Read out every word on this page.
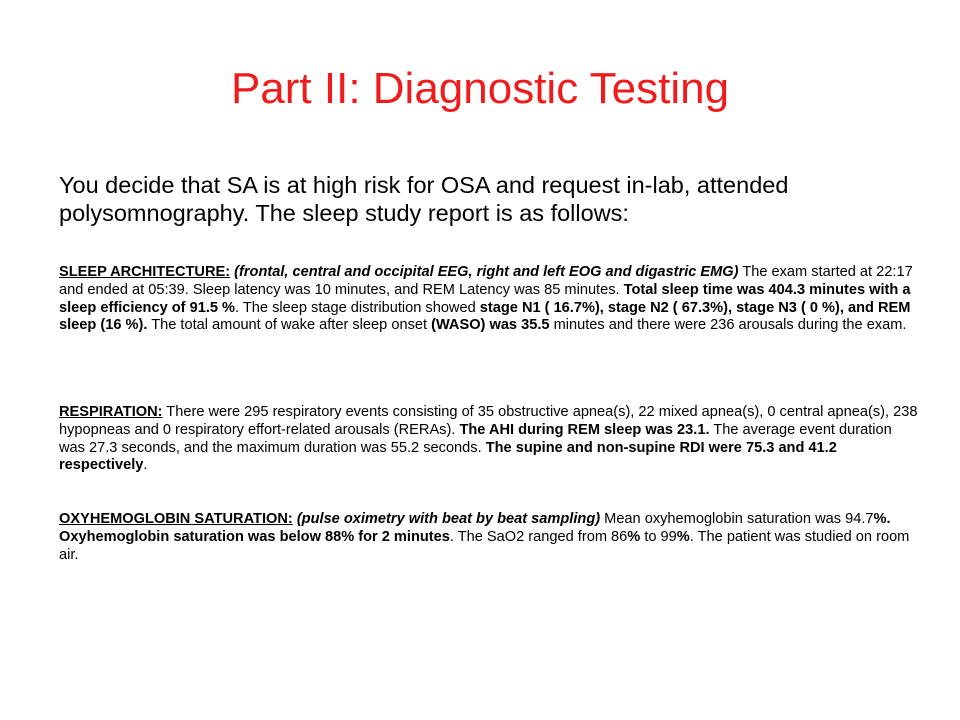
Part II: Diagnostic Testing
You decide that SA is at high risk for OSA and request in-lab, attended polysomnography. The sleep study report is as follows:
SLEEP ARCHITECTURE: (frontal, central and occipital EEG, right and left EOG and digastric EMG) The exam started at 22:17 and ended at 05:39. Sleep latency was 10 minutes, and REM Latency was 85 minutes. Total sleep time was 404.3 minutes with a sleep efficiency of 91.5 %. The sleep stage distribution showed stage N1 ( 16.7%), stage N2 ( 67.3%), stage N3 ( 0 %), and REM sleep (16 %). The total amount of wake after sleep onset (WASO) was 35.5 minutes and there were 236 arousals during the exam.
RESPIRATION: There were 295 respiratory events consisting of 35 obstructive apnea(s), 22 mixed apnea(s), 0 central apnea(s), 238 hypopneas and 0 respiratory effort-related arousals (RERAs). The AHI during REM sleep was 23.1. The average event duration was 27.3 seconds, and the maximum duration was 55.2 seconds. The supine and non-supine RDI were 75.3 and 41.2 respectively.
OXYHEMOGLOBIN SATURATION: (pulse oximetry with beat by beat sampling) Mean oxyhemoglobin saturation was 94.7%. Oxyhemoglobin saturation was below 88% for 2 minutes. The SaO2 ranged from 86% to 99%. The patient was studied on room air.
